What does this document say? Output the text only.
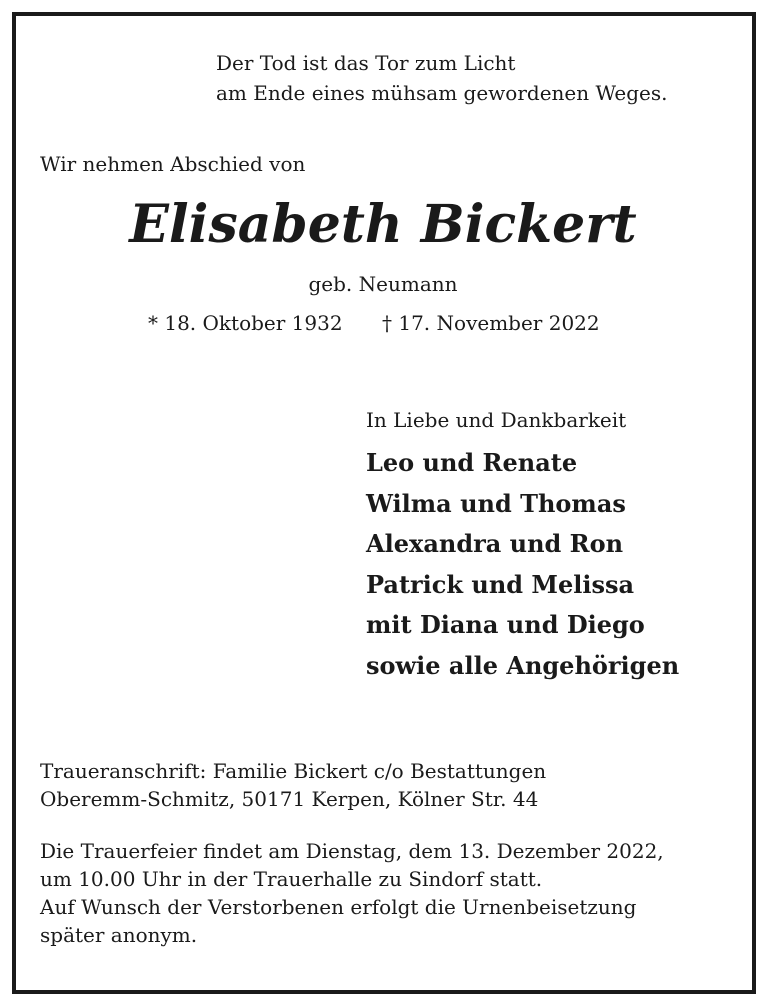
Der Tod ist das Tor zum Licht
am Ende eines mühsam gewordenen Weges.
Wir nehmen Abschied von
Elisabeth Bickert
geb. Neumann
* 18. Oktober 1932 † 17. November 2022
In Liebe und Dankbarkeit
Leo und Renate
Wilma und Thomas
Alexandra und Ron
Patrick und Melissa
mit Diana und Diego
sowie alle Angehörigen
Traueranschrift: Familie Bickert c/o Bestattungen
Oberemm-Schmitz, 50171 Kerpen, Kölner Str. 44
Die Trauerfeier findet am Dienstag, dem 13. Dezember 2022,
um 10.00 Uhr in der Trauerhalle zu Sindorf statt.
Auf Wunsch der Verstorbenen erfolgt die Urnenbeisetzung
später anonym.
